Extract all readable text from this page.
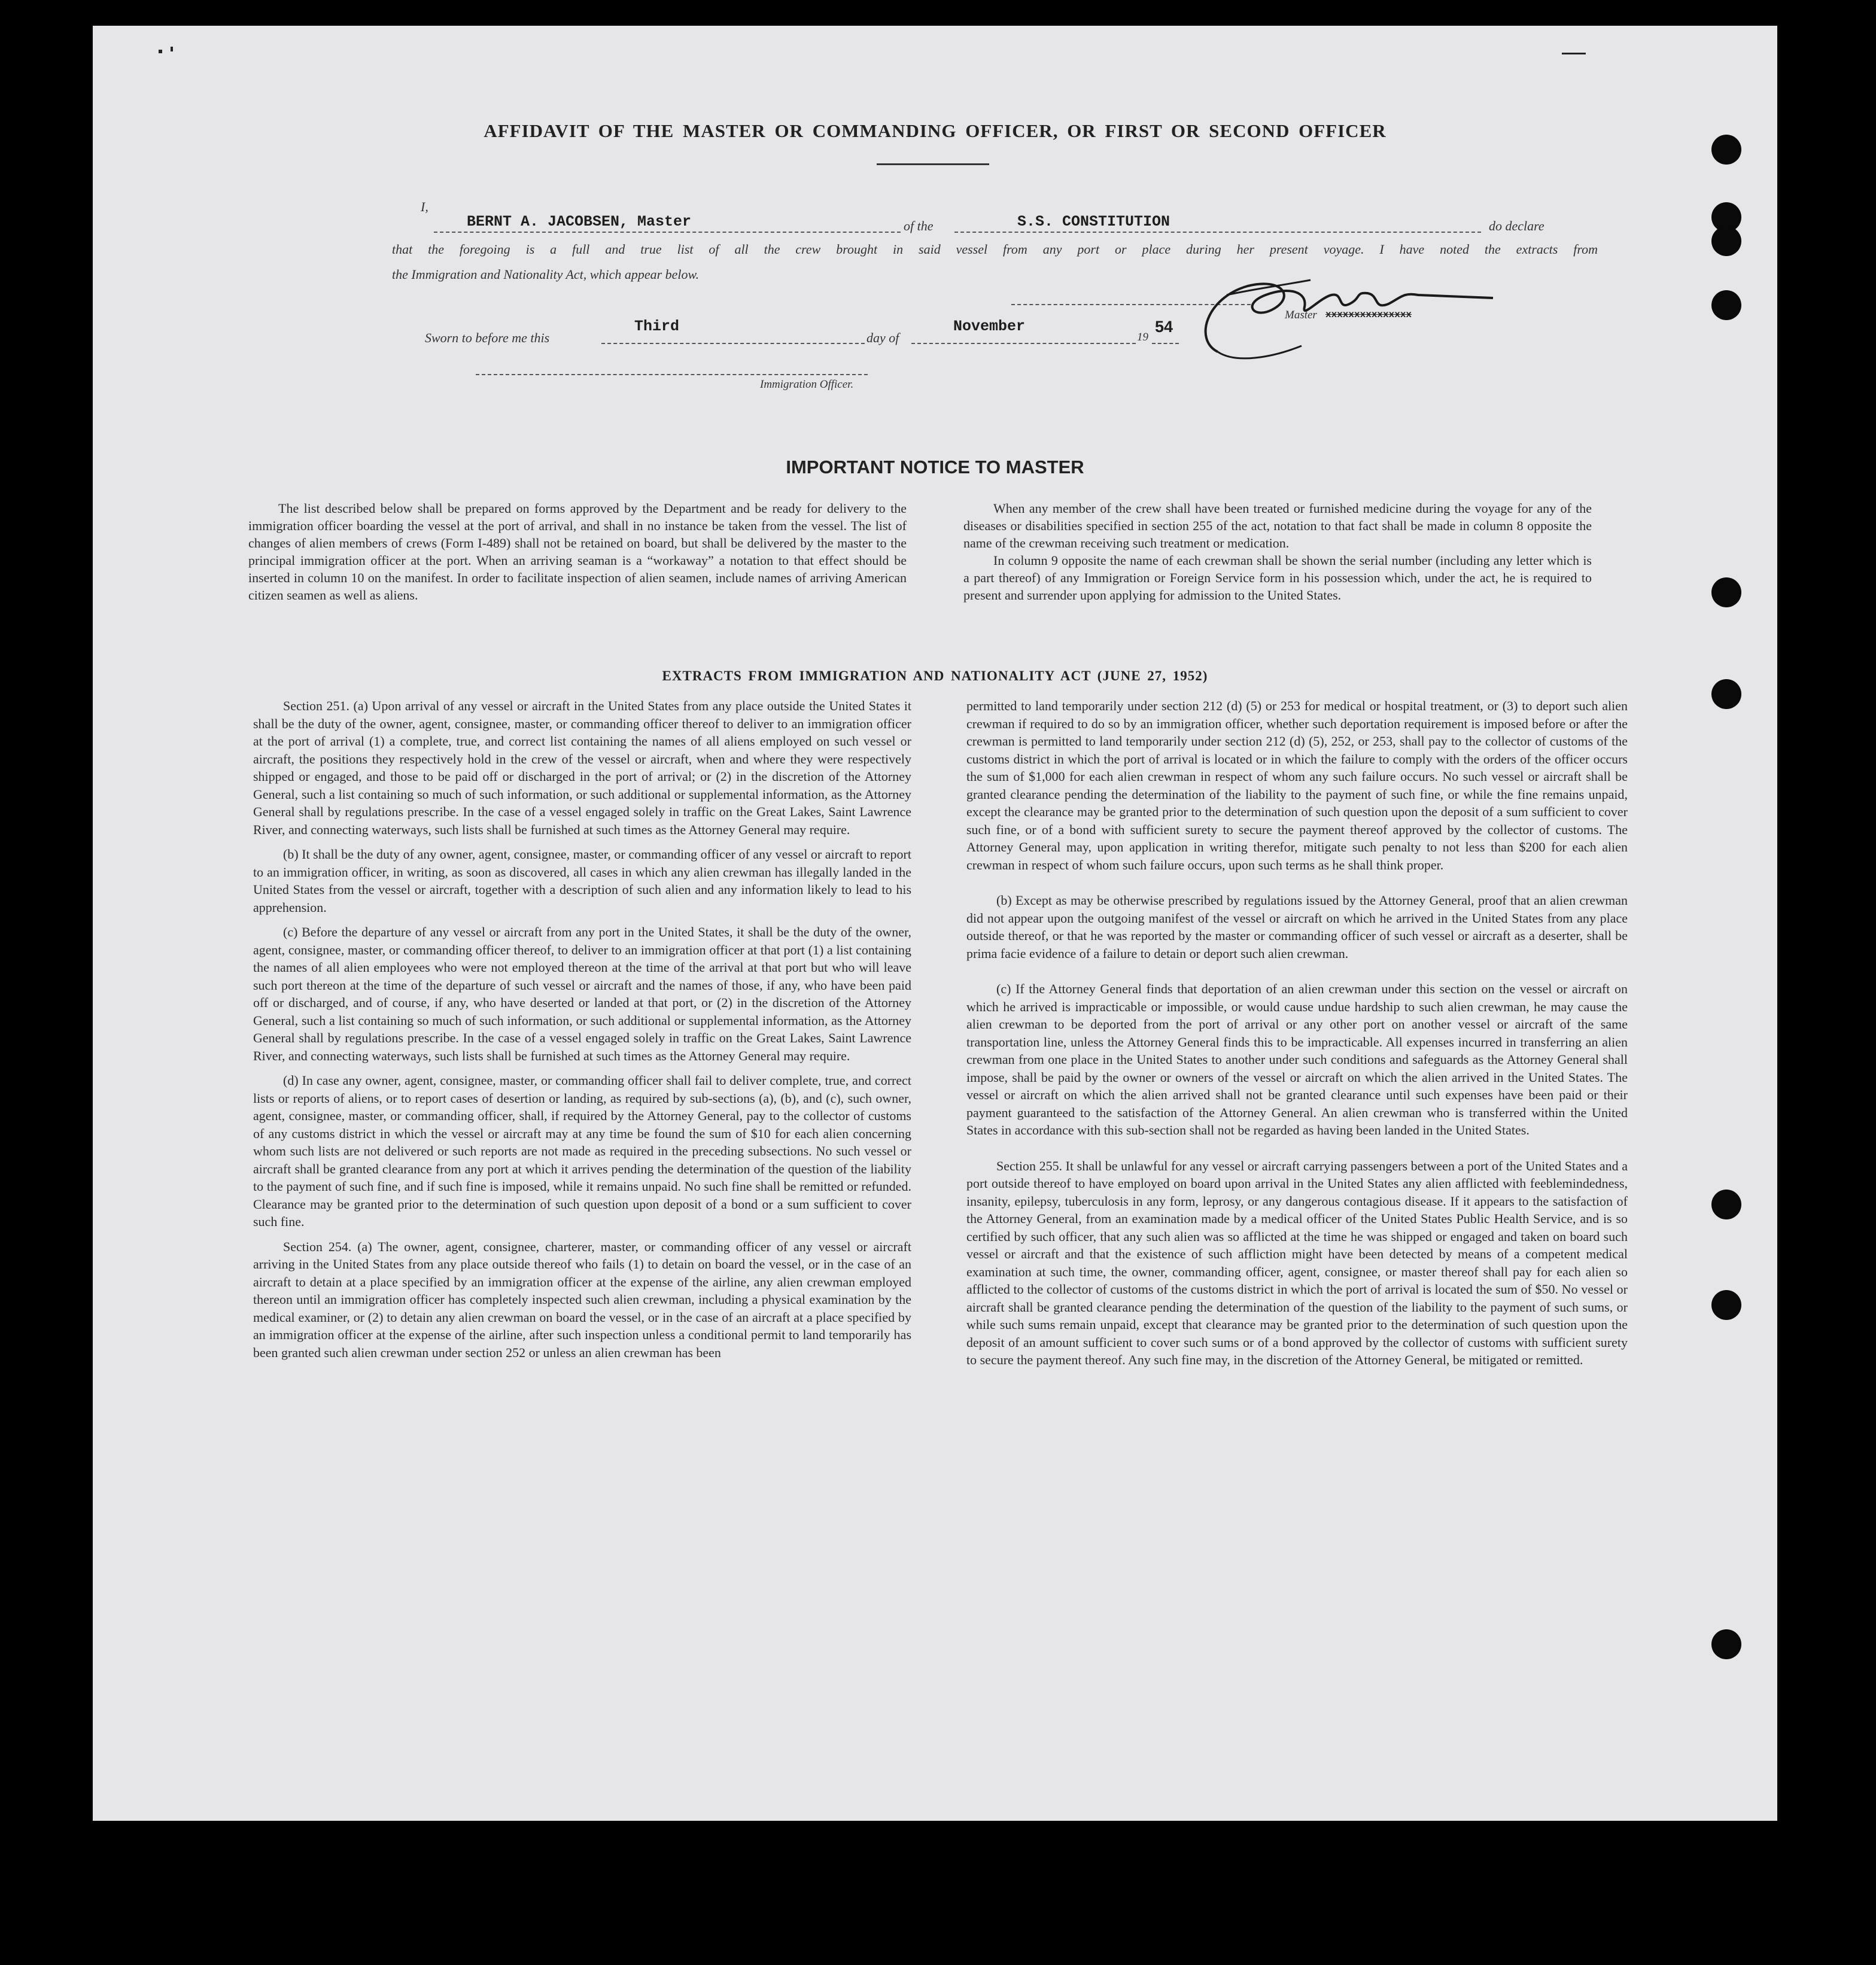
AFFIDAVIT OF THE MASTER OR COMMANDING OFFICER, OR FIRST OR SECOND OFFICER
I,
BERNT A. JACOBSEN, Master	of the	S.S. CONSTITUTION	do declare
that the foregoing is a full and true list of all the crew brought in said vessel from any port or place during her present voyage. I have noted the extracts from
the Immigration and Nationality Act, which appear below.
Master xxxxxxxxxxxxxxx
Sworn to before me this
Third
day of
November
19
54
Immigration Officer.
IMPORTANT NOTICE TO MASTER

The list described below shall be prepared on forms approved by the Department and be ready for delivery to the immigration officer boarding the vessel at the port of arrival, and shall in no instance be taken from the vessel. The list of changes of alien members of crews (Form I-489) shall not be retained on board, but shall be delivered by the master to the principal immigration officer at the port. When an arriving seaman is a “workaway” a notation to that effect should be inserted in column 10 on the manifest. In order to facilitate inspection of alien seamen, include names of arriving American citizen seamen as well as aliens.

When any member of the crew shall have been treated or furnished medicine during the voyage for any of the diseases or disabilities specified in section 255 of the act, notation to that fact shall be made in column 8 opposite the name of the crewman receiving such treatment or medication.

In column 9 opposite the name of each crewman shall be shown the serial number (including any letter which is a part thereof) of any Immigration or Foreign Service form in his possession which, under the act, he is required to present and surrender upon applying for admission to the United States.

EXTRACTS FROM IMMIGRATION AND NATIONALITY ACT (JUNE 27, 1952)

Section 251. (a) Upon arrival of any vessel or aircraft in the United States from any place outside the United States it shall be the duty of the owner, agent, consignee, master, or commanding officer thereof to deliver to an immigration officer at the port of arrival (1) a complete, true, and correct list containing the names of all aliens employed on such vessel or aircraft, the positions they respectively hold in the crew of the vessel or aircraft, when and where they were respectively shipped or engaged, and those to be paid off or discharged in the port of arrival; or (2) in the discretion of the Attorney General, such a list containing so much of such information, or such additional or supplemental information, as the Attorney General shall by regulations prescribe. In the case of a vessel engaged solely in traffic on the Great Lakes, Saint Lawrence River, and connecting waterways, such lists shall be furnished at such times as the Attorney General may require.

(b) It shall be the duty of any owner, agent, consignee, master, or commanding officer of any vessel or aircraft to report to an immigration officer, in writing, as soon as discovered, all cases in which any alien crewman has illegally landed in the United States from the vessel or aircraft, together with a description of such alien and any information likely to lead to his apprehension.

(c) Before the departure of any vessel or aircraft from any port in the United States, it shall be the duty of the owner, agent, consignee, master, or commanding officer thereof, to deliver to an immigration officer at that port (1) a list containing the names of all alien employees who were not employed thereon at the time of the arrival at that port but who will leave such port thereon at the time of the departure of such vessel or aircraft and the names of those, if any, who have been paid off or discharged, and of course, if any, who have deserted or landed at that port, or (2) in the discretion of the Attorney General, such a list containing so much of such information, or such additional or supplemental information, as the Attorney General shall by regulations prescribe. In the case of a vessel engaged solely in traffic on the Great Lakes, Saint Lawrence River, and connecting waterways, such lists shall be furnished at such times as the Attorney General may require.

(d) In case any owner, agent, consignee, master, or commanding officer shall fail to deliver complete, true, and correct lists or reports of aliens, or to report cases of desertion or landing, as required by sub-sections (a), (b), and (c), such owner, agent, consignee, master, or commanding officer, shall, if required by the Attorney General, pay to the collector of customs of any customs district in which the vessel or aircraft may at any time be found the sum of $10 for each alien concerning whom such lists are not delivered or such reports are not made as required in the preceding subsections. No such vessel or aircraft shall be granted clearance from any port at which it arrives pending the determination of the question of the liability to the payment of such fine, and if such fine is imposed, while it remains unpaid. No such fine shall be remitted or refunded. Clearance may be granted prior to the determination of such question upon deposit of a bond or a sum sufficient to cover such fine.

Section 254. (a) The owner, agent, consignee, charterer, master, or commanding officer of any vessel or aircraft arriving in the United States from any place outside thereof who fails (1) to detain on board the vessel, or in the case of an aircraft to detain at a place specified by an immigration officer at the expense of the airline, any alien crewman employed thereon until an immigration officer has completely inspected such alien crewman, including a physical examination by the medical examiner, or (2) to detain any alien crewman on board the vessel, or in the case of an aircraft at a place specified by an immigration officer at the expense of the airline, after such inspection unless a conditional permit to land temporarily has been granted such alien crewman under section 252 or unless an alien crewman has been

permitted to land temporarily under section 212 (d) (5) or 253 for medical or hospital treatment, or (3) to deport such alien crewman if required to do so by an immigration officer, whether such deportation requirement is imposed before or after the crewman is permitted to land temporarily under section 212 (d) (5), 252, or 253, shall pay to the collector of customs of the customs district in which the port of arrival is located or in which the failure to comply with the orders of the officer occurs the sum of $1,000 for each alien crewman in respect of whom any such failure occurs. No such vessel or aircraft shall be granted clearance pending the determination of the liability to the payment of such fine, or while the fine remains unpaid, except the clearance may be granted prior to the determination of such question upon the deposit of a sum sufficient to cover such fine, or of a bond with sufficient surety to secure the payment thereof approved by the collector of customs. The Attorney General may, upon application in writing therefor, mitigate such penalty to not less than $200 for each alien crewman in respect of whom such failure occurs, upon such terms as he shall think proper.

(b) Except as may be otherwise prescribed by regulations issued by the Attorney General, proof that an alien crewman did not appear upon the outgoing manifest of the vessel or aircraft on which he arrived in the United States from any place outside thereof, or that he was reported by the master or commanding officer of such vessel or aircraft as a deserter, shall be prima facie evidence of a failure to detain or deport such alien crewman.

(c) If the Attorney General finds that deportation of an alien crewman under this section on the vessel or aircraft on which he arrived is impracticable or impossible, or would cause undue hardship to such alien crewman, he may cause the alien crewman to be deported from the port of arrival or any other port on another vessel or aircraft of the same transportation line, unless the Attorney General finds this to be impracticable. All expenses incurred in transferring an alien crewman from one place in the United States to another under such conditions and safeguards as the Attorney General shall impose, shall be paid by the owner or owners of the vessel or aircraft on which the alien arrived in the United States. The vessel or aircraft on which the alien arrived shall not be granted clearance until such expenses have been paid or their payment guaranteed to the satisfaction of the Attorney General. An alien crewman who is transferred within the United States in accordance with this sub-section shall not be regarded as having been landed in the United States.

Section 255. It shall be unlawful for any vessel or aircraft carrying passengers between a port of the United States and a port outside thereof to have employed on board upon arrival in the United States any alien afflicted with feeblemindedness, insanity, epilepsy, tuberculosis in any form, leprosy, or any dangerous contagious disease. If it appears to the satisfaction of the Attorney General, from an examination made by a medical officer of the United States Public Health Service, and is so certified by such officer, that any such alien was so afflicted at the time he was shipped or engaged and taken on board such vessel or aircraft and that the existence of such affliction might have been detected by means of a competent medical examination at such time, the owner, commanding officer, agent, consignee, or master thereof shall pay for each alien so afflicted to the collector of customs of the customs district in which the port of arrival is located the sum of $50. No vessel or aircraft shall be granted clearance pending the determination of the question of the liability to the payment of such sums, or while such sums remain unpaid, except that clearance may be granted prior to the determination of such question upon the deposit of an amount sufficient to cover such sums or of a bond approved by the collector of customs with sufficient surety to secure the payment thereof. Any such fine may, in the discretion of the Attorney General, be mitigated or remitted.
